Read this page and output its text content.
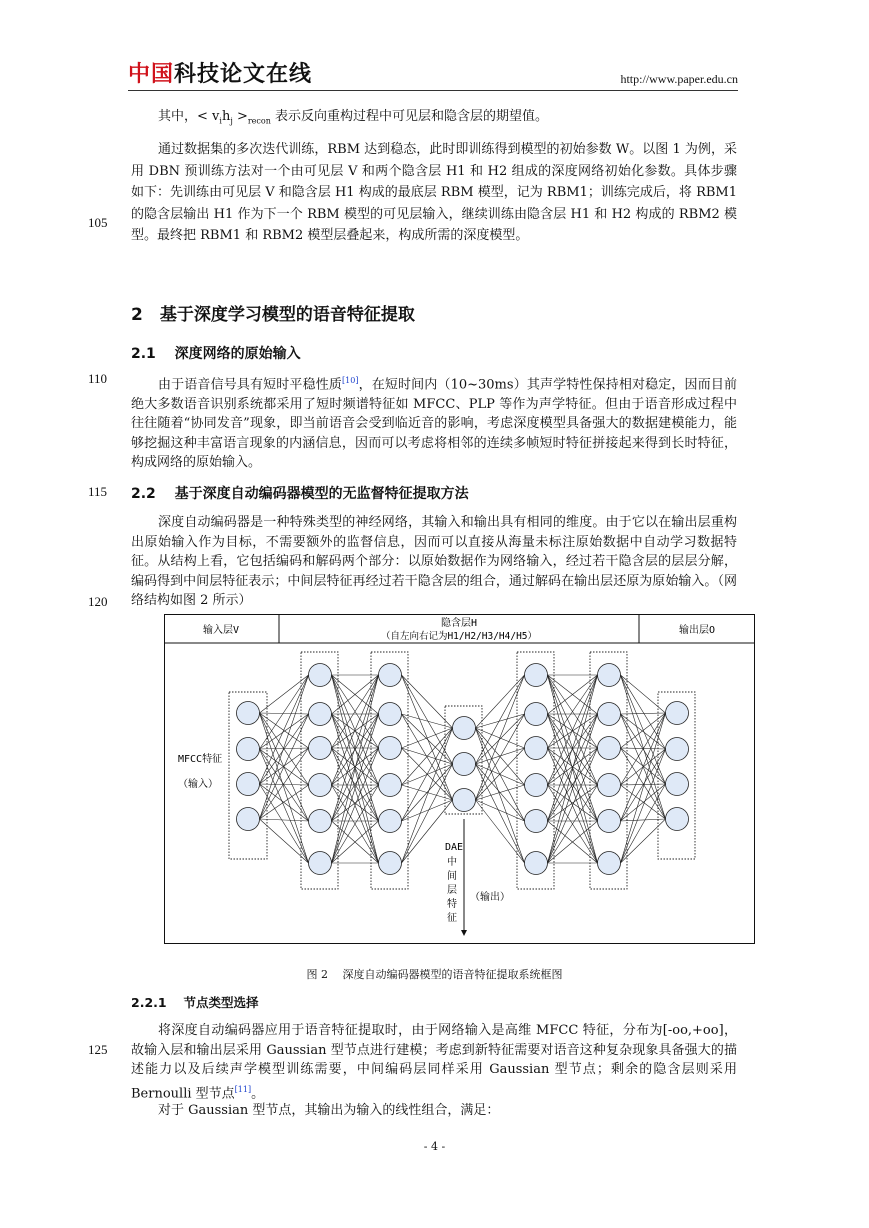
中国科技论文在线	http://www.paper.edu.cn
其中，< $v_ih_j >_{recon}$ 表示反向重构过程中可见层和隐含层的期望值。
通过数据集的多次迭代训练，RBM 达到稳态，此时即训练得到模型的初始参数 W。以图 1 为例，采用 DBN 预训练方法对一个由可见层 V 和两个隐含层 H1 和 H2 组成的深度网络初始化参数。具体步骤如下：先训练由可见层 V 和隐含层 H1 构成的最底层 RBM 模型，记为 RBM1；训练完成后，将 RBM1 的隐含层输出 H1 作为下一个 RBM 模型的可见层输入，继续训练由隐含层 H1 和 H2 构成的 RBM2 模型。最终把 RBM1 和 RBM2 模型层叠起来，构成所需的深度模型。
105
2　基于深度学习模型的语音特征提取
2.1　 深度网络的原始输入
110	由于语音信号具有短时平稳性质[10]，在短时间内（10~30ms）其声学特性保持相对稳定，因而目前绝大多数语音识别系统都采用了短时频谱特征如 MFCC、PLP 等作为声学特征。但由于语音形成过程中往往随着“协同发音”现象，即当前语音会受到临近音的影响，考虑深度模型具备强大的数据建模能力，能够挖掘这种丰富语言现象的内涵信息，因而可以考虑将相邻的连续多帧短时特征拼接起来得到长时特征，构成网络的原始输入。
115 2.2　 基于深度自动编码器模型的无监督特征提取方法
深度自动编码器是一种特殊类型的神经网络，其输入和输出具有相同的维度。由于它以在输出层重构出原始输入作为目标，不需要额外的监督信息，因而可以直接从海量未标注原始数据中自动学习数据特征。从结构上看，它包括编码和解码两个部分：以原始数据作为网络输入，经过若干隐含层的层层分解，编码得到中间层特征表示；中间层特征再经过若干隐含层的组合，通过解码在输出层还原为原始输入。（网络结构如图 2 所示）
120
输入层V
隐含层H
（自左向右记为H1/H2/H3/H4/H5）
输出层O
MFCC特征
（输入）
DAE
中
间
层
特
征
（输出）
图 2　 深度自动编码器模型的语音特征提取系统框图
2.2.1　 节点类型选择
125
将深度自动编码器应用于语音特征提取时，由于网络输入是高维 MFCC 特征，分布为[-oo,+oo]，故输入层和输出层采用 Gaussian 型节点进行建模；考虑到新特征需要对语音这种复杂现象具备强大的描述能力以及后续声学模型训练需要，中间编码层同样采用 Gaussian 型节点；剩余的隐含层则采用 Bernoulli 型节点[11]。
对于 Gaussian 型节点，其输出为输入的线性组合，满足：
- 4 -
